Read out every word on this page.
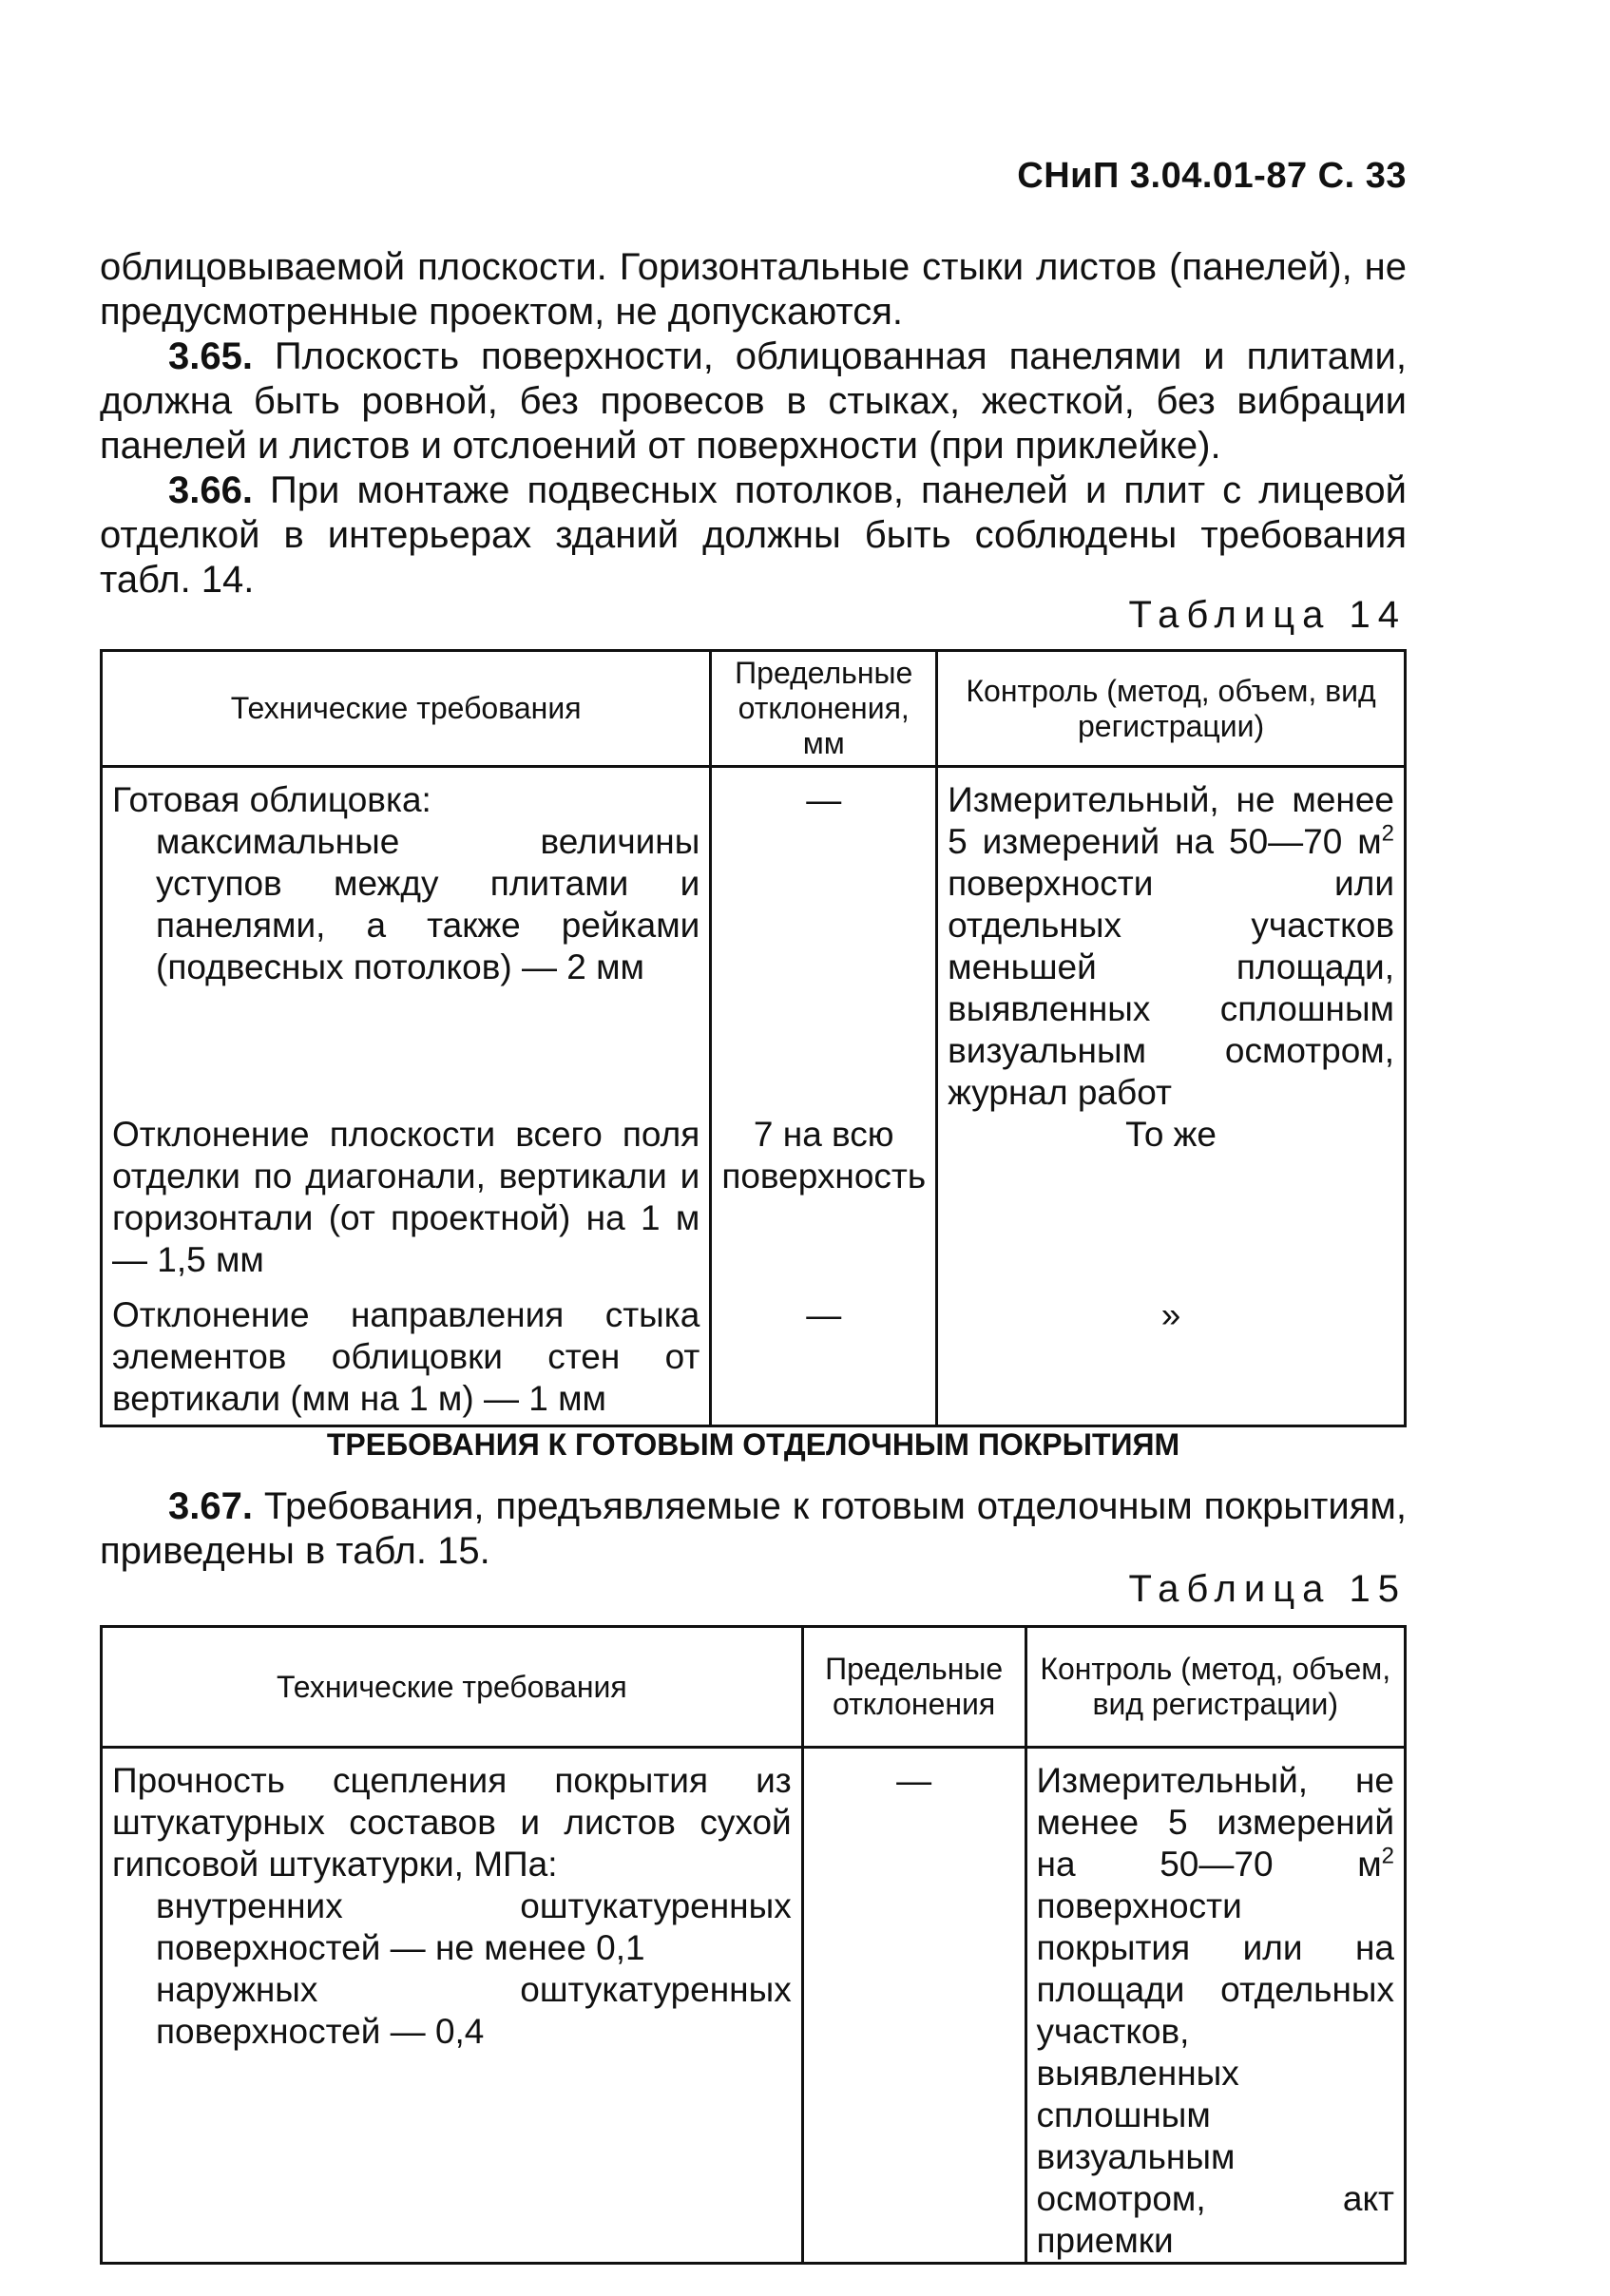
СНиП 3.04.01-87 С. 33

облицовываемой плоскости. Горизонтальные стыки листов (панелей), не предусмотренные проектом, не допускаются.

3.65. Плоскость поверхности, облицованная панелями и плитами, должна быть ровной, без провесов в стыках, жесткой, без вибрации панелей и листов и отслоений от поверхности (при приклейке).

3.66. При монтаже подвесных потолков, панелей и плит с лицевой отделкой в интерьерах зданий должны быть соблюдены требования табл. 14.

Таблица 14
Технические требования	Предельные отклонения, мм	Контроль (метод, объем, вид регистрации)
Готовая облицовка:
максимальные величины уступов между плитами и панелями, а также рейками (подвесных потолков) — 2 мм	—	Измерительный, не менее 5 измерений на 50—70 $м^2$ поверхности или отдельных участков меньшей площади, выявленных сплошным визуальным осмотром, журнал работ
Отклонение плоскости всего поля отделки по диагонали, вертикали и горизонтали (от проектной) на 1 м — 1,5 мм	7 на всю поверхность	То же
Отклонение направления стыка элементов облицовки стен от вертикали (мм на 1 м) — 1 мм	—	»
ТРЕБОВАНИЯ К ГОТОВЫМ ОТДЕЛОЧНЫМ ПОКРЫТИЯМ

3.67. Требования, предъявляемые к готовым отделочным покрытиям, приведены в табл. 15.

Таблица 15
Технические требования	Предельные отклонения	Контроль (метод, объем, вид регистрации)
Прочность сцепления покрытия из штукатурных составов и листов сухой гипсовой штукатурки, МПа:
внутренних оштукатуренных поверхностей — не менее 0,1
наружных оштукатуренных поверхностей — 0,4	—	Измерительный, не менее 5 измерений на 50—70 $м^2$ поверхности покрытия или на площади отдельных участков, выявленных сплошным визуальным осмотром, акт приемки
